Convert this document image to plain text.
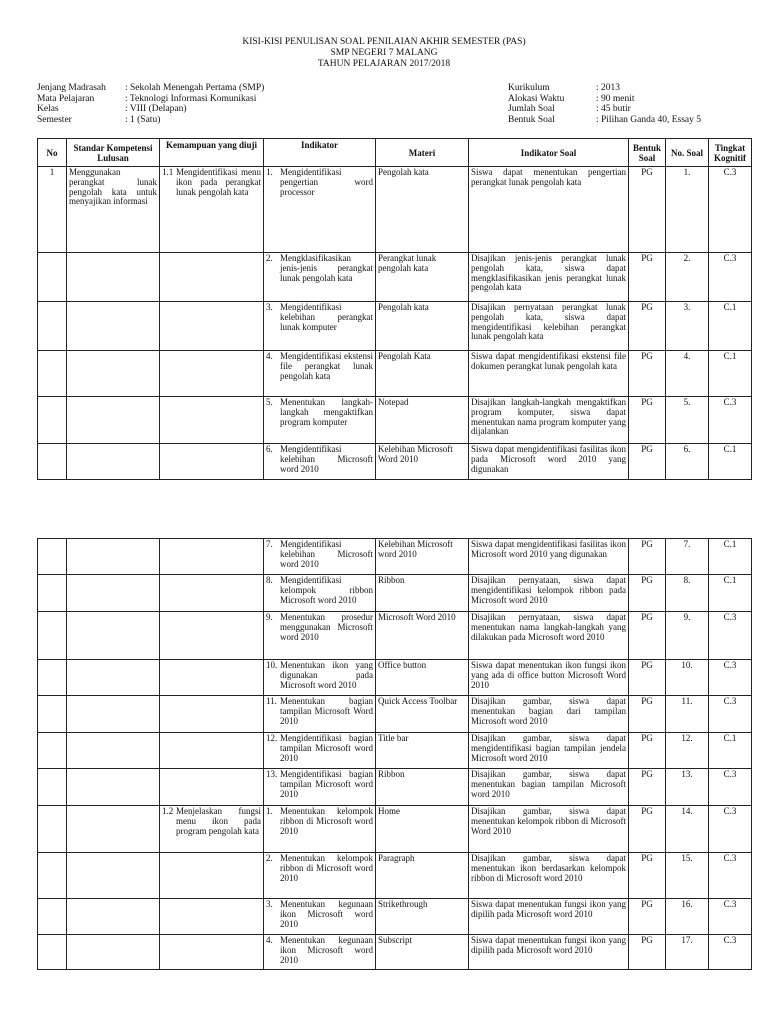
KISI-KISI PENULISAN SOAL PENILAIAN AKHIR SEMESTER (PAS)
SMP NEGERI 7 MALANG
TAHUN PELAJARAN 2017/2018
Jenjang Madrasah	: Sekolah Menengah Pertama (SMP)
Mata Pelajaran	: Teknologi Informasi Komunikasi
Kelas	: VIII (Delapan)
Semester	: 1 (Satu)
Kurikulum	: 2013
Alokasi Waktu	: 90 menit
Jumlah Soal	: 45 butir
Bentuk Soal	: Pilihan Ganda 40, Essay 5
No	Standar Kompetensi Lulusan	Kemampuan yang diuji	Indikator	Materi	Indikator Soal	Bentuk Soal	No. Soal	Tingkat Kognitif
1	Menggunakan perangkat lunak pengolah kata untuk menyajikan informasi	1.1 Mengidentifikasi menu ikon pada perangkat lunak pengolah kata	1. Mengidentifikasi pengertian word processor	Pengolah kata	Siswa dapat menentukan pengertian perangkat lunak pengolah kata	PG	1.	C.3

			2. Mengklasifikasikan jenis-jenis perangkat lunak pengolah kata	Perangkat lunak pengolah kata	Disajikan jenis-jenis perangkat lunak pengolah kata, siswa dapat mengklasifikasikan jenis perangkat lunak pengolah kata	PG	2.	C.3

			3. Mengidentifikasi kelebihan perangkat lunak komputer	Pengolah kata	Disajikan pernyataan perangkat lunak pengolah kata, siswa dapat mengidentifikasi kelebihan perangkat lunak pengolah kata	PG	3.	C.1

			4. Mengidentifikasi ekstensi file perangkat lunak pengolah kata	Pengolah Kata	Siswa dapat mengidentifikasi ekstensi file dokumen perangkat lunak pengolah kata	PG	4.	C.1

			5. Menentukan langkah-langkah mengaktifkan program komputer	Notepad	Disajikan langkah-langkah mengaktifkan program komputer, siswa dapat menentukan nama program komputer yang dijalankan	PG	5.	C.3

			6. Mengidentifikasi kelebihan Microsoft word 2010	Kelebihan Microsoft Word 2010	Siswa dapat mengidentifikasi fasilitas ikon pada Microsoft word 2010 yang digunakan	PG	6.	C.1

			7. Mengidentifikasi kelebihan Microsoft word 2010	Kelebihan Microsoft word 2010	Siswa dapat mengidentifikasi fasilitas ikon Microsoft word 2010 yang digunakan	PG	7.	C.1

			8. Mengidentifikasi kelompok ribbon Microsoft word 2010	Ribbon	Disajikan pernyataan, siswa dapat mengidentifikasi kelompok ribbon pada Microsoft word 2010	PG	8.	C.1

			9. Menentukan prosedur menggunakan Microsoft word 2010	Microsoft Word 2010	Disajikan pernyataan, siswa dapat menentukan nama langkah-langkah yang dilakukan pada Microsoft word 2010	PG	9.	C.3

			10. Menentukan ikon yang digunakan pada Microsoft word 2010	Office button	Siswa dapat menentukan ikon fungsi ikon yang ada di office button Microsoft Word 2010	PG	10.	C.3

			11. Menentukan bagian tampilan Microsoft Word 2010	Quick Access Toolbar	Disajikan gambar, siswa dapat menentukan bagian dari tampilan Microsoft word 2010	PG	11.	C.3

			12. Mengidentifikasi bagian tampilan Microsoft word 2010	Title bar	Disajikan gambar, siswa dapat mengidentifikasi bagian tampilan jendela Microsoft word 2010	PG	12.	C.1

			13. Mengidentifikasi bagian tampilan Microsoft word 2010	Ribbon	Disajikan gambar, siswa dapat menentukan bagian tampilan Microsoft word 2010	PG	13.	C.3

		1.2 Menjelaskan fungsi menu ikon pada program pengolah kata	1. Menentukan kelompok ribbon di Microsoft word 2010	Home	Disajikan gambar, siswa dapat menentukan kelompok ribbon di Microsoft Word 2010	PG	14.	C.3

			2. Menentukan kelompok ribbon di Microsoft word 2010	Paragraph	Disajikan gambar, siswa dapat menentukan ikon berdasarkan kelompok ribbon di Microsoft word 2010	PG	15.	C.3

			3. Menentukan kegunaan ikon Microsoft word 2010	Strikethrough	Siswa dapat menentukan fungsi ikon yang dipilih pada Microsoft word 2010	PG	16.	C.3

			4. Menentukan kegunaan ikon Microsoft word 2010	Subscript	Siswa dapat menentukan fungsi ikon yang dipilih pada Microsoft word 2010	PG	17.	C.3
